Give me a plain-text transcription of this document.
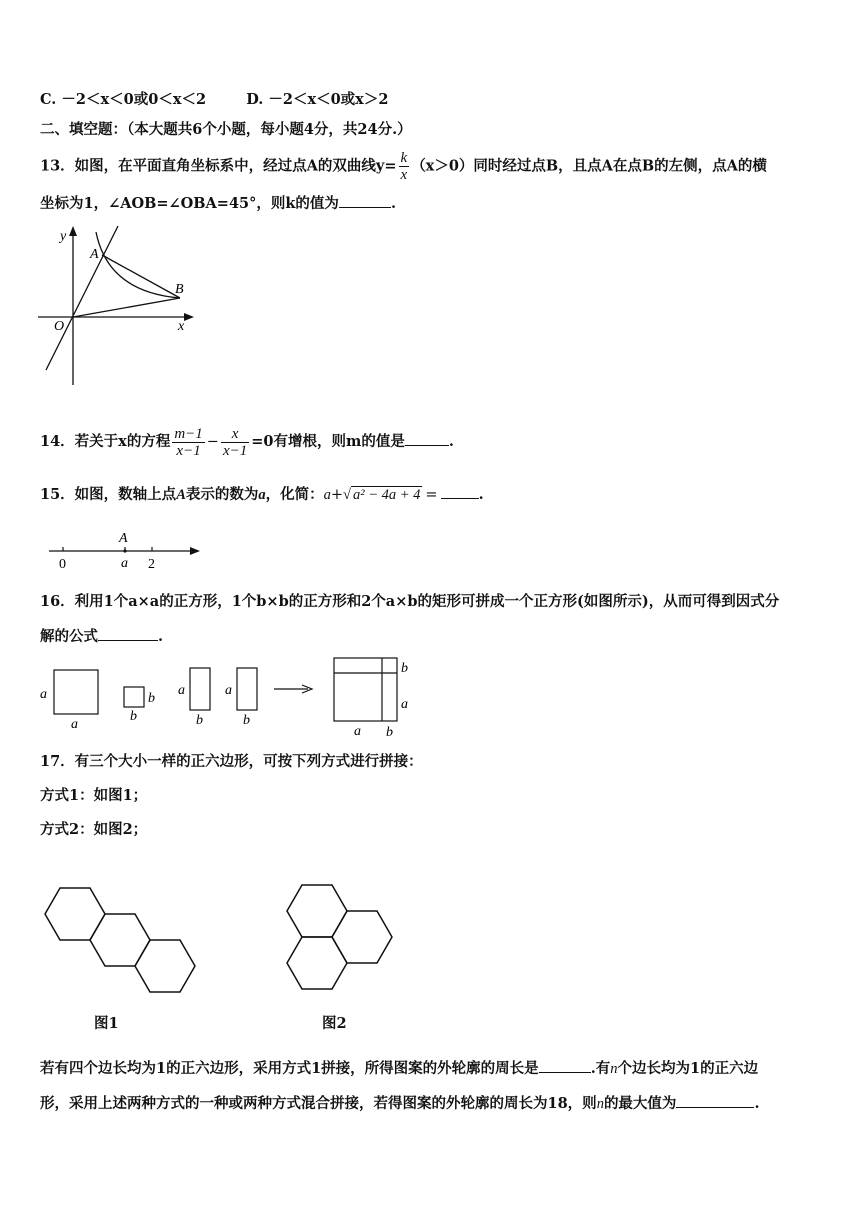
C. －2＜x＜0或0＜x＜2	D. －2＜x＜0或x＞2
二、填空题：（本大题共6个小题，每小题4分，共24分.）
13．如图，在平面直角坐标系中，经过点A的双曲线$y= \frac{k}{x} (x>0)$同时经过点B，且点A在点B的左侧，点A的横
坐标为1，∠AOB=∠OBA=45°，则k的值为	.
y
x
O
A
B
14．若关于x的方程 $\frac{m-1}{x-1} - \frac{x}{x-1} =0$有增根，则m的值是	.
15．如图，数轴上点A表示的数为a，化简：a+√ a² − 4a + 4 =	.
0
A
a 2
16．利用1个a×a的正方形，1个b×b的正方形和2个a×b的矩形可拼成一个正方形(如图所示)，从而可得到因式分
解的公式	.
a
a
b
b
a
b
a
b
b
a
a b
17．有三个大小一样的正六边形，可按下列方式进行拼接：
方式1：如图1；
方式2：如图2；
图1	图2
若有四个边长均为1的正六边形，采用方式1拼接，所得图案的外轮廓的周长是	.有n个边长均为1的正六边
形，采用上述两种方式的一种或两种方式混合拼接，若得图案的外轮廓的周长为18，则n的最大值为	.
